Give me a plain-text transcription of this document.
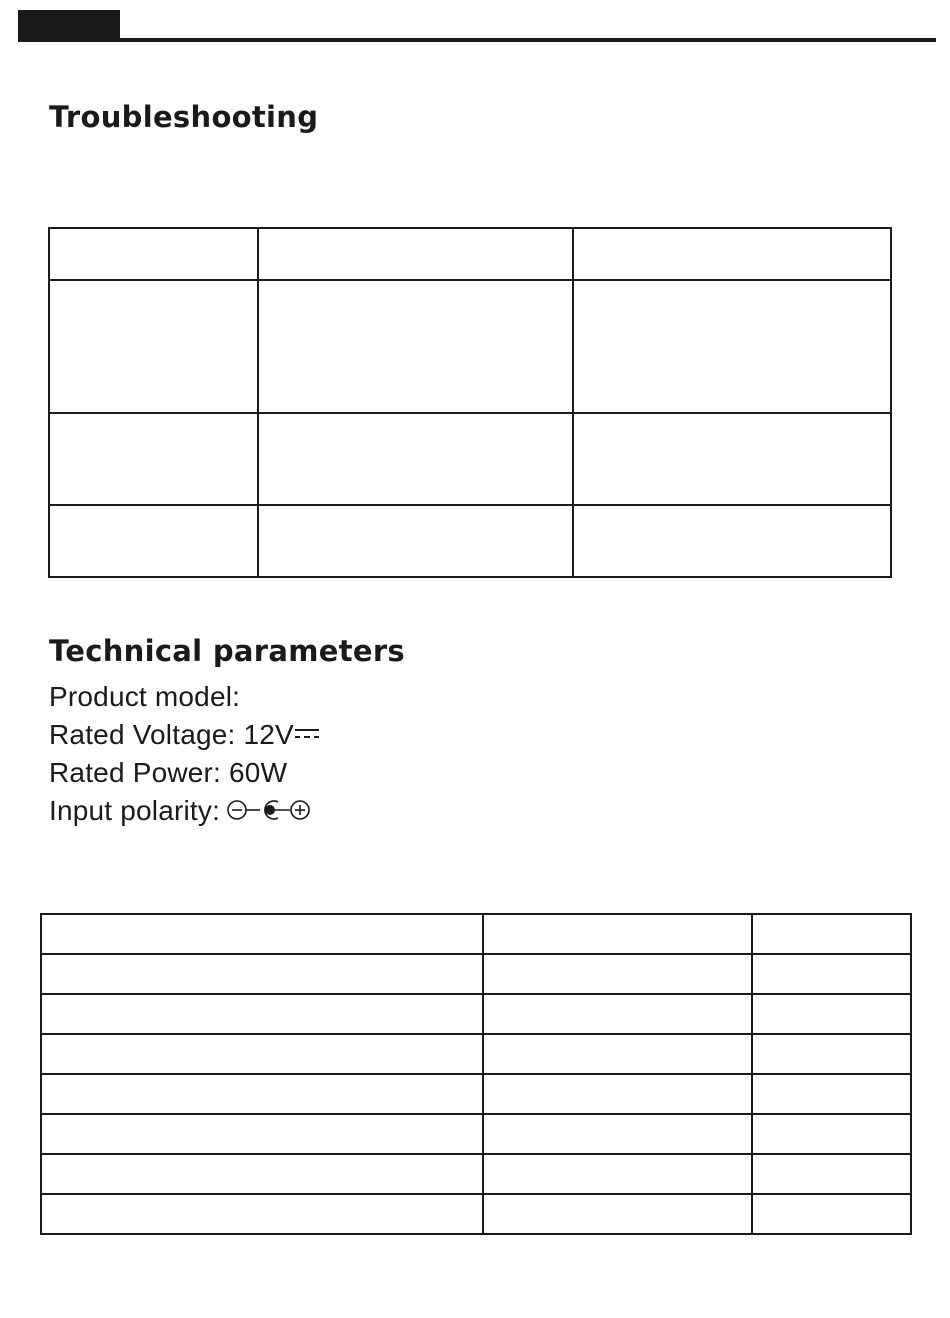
Troubleshooting

Technical parameters
Product model:
Rated Voltage: 12V
Rated Power: 60W
Input polarity:
